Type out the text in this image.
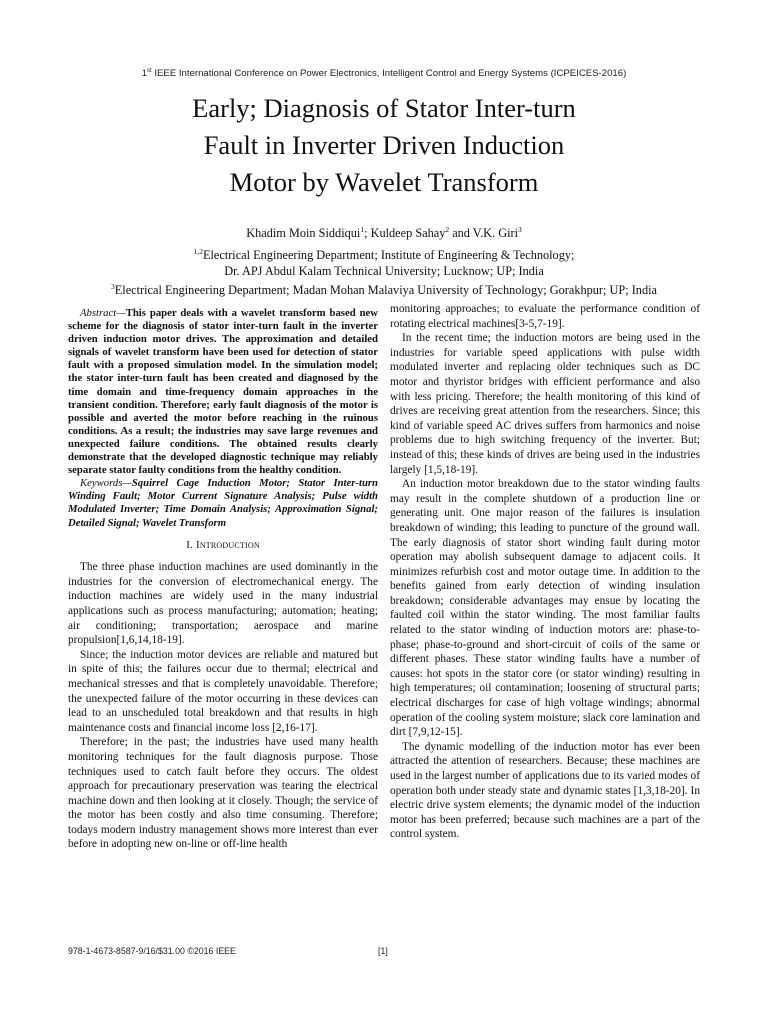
1st IEEE International Conference on Power Electronics, Intelligent Control and Energy Systems (ICPEICES-2016)
Early; Diagnosis of Stator Inter-turn
Fault in Inverter Driven Induction
Motor by Wavelet Transform
Khadim Moin Siddiqui$^1$; Kuldeep Sahay$^2$ and V.K. Giri$^3$
$^{1,2}$Electrical Engineering Department; Institute of Engineering & Technology;
Dr. APJ Abdul Kalam Technical University; Lucknow; UP; India
$^3$Electrical Engineering Department; Madan Mohan Malaviya University of Technology; Gorakhpur; UP; India

Abstract—This paper deals with a wavelet transform based new scheme for the diagnosis of stator inter-turn fault in the inverter driven induction motor drives. The approximation and detailed signals of wavelet transform have been used for detection of stator fault with a proposed simulation model. In the simulation model; the stator inter-turn fault has been created and diagnosed by the time domain and time-frequency domain approaches in the transient condition. Therefore; early fault diagnosis of the motor is possible and averted the motor before reaching in the ruinous conditions. As a result; the industries may save large revenues and unexpected failure conditions. The obtained results clearly demonstrate that the developed diagnostic technique may reliably separate stator faulty conditions from the healthy condition.

Keywords—Squirrel Cage Induction Motor; Stator Inter-turn Winding Fault; Motor Current Signature Analysis; Pulse width Modulated Inverter; Time Domain Analysis; Approximation Signal; Detailed Signal; Wavelet Transform

I. Introduction

The three phase induction machines are used dominantly in the industries for the conversion of electromechanical energy. The induction machines are widely used in the many industrial applications such as process manufacturing; automation; heating; air conditioning; transportation; aerospace and marine propulsion[1,6,14,18-19].

Since; the induction motor devices are reliable and matured but in spite of this; the failures occur due to thermal; electrical and mechanical stresses and that is completely unavoidable. Therefore; the unexpected failure of the motor occurring in these devices can lead to an unscheduled total breakdown and that results in high maintenance costs and financial income loss [2,16-17].

Therefore; in the past; the industries have used many health monitoring techniques for the fault diagnosis purpose. Those techniques used to catch fault before they occurs. The oldest approach for precautionary preservation was tearing the electrical machine down and then looking at it closely. Though; the service of the motor has been costly and also time consuming. Therefore; todays modern industry management shows more interest than ever before in adopting new on-line or off-line health

monitoring approaches; to evaluate the performance condition of rotating electrical machines[3-5,7-19].

In the recent time; the induction motors are being used in the industries for variable speed applications with pulse width modulated inverter and replacing older techniques such as DC motor and thyristor bridges with efficient performance and also with less pricing. Therefore; the health monitoring of this kind of drives are receiving great attention from the researchers. Since; this kind of variable speed AC drives suffers from harmonics and noise problems due to high switching frequency of the inverter. But; instead of this; these kinds of drives are being used in the industries largely [1,5,18-19].

An induction motor breakdown due to the stator winding faults may result in the complete shutdown of a production line or generating unit. One major reason of the failures is insulation breakdown of winding; this leading to puncture of the ground wall. The early diagnosis of stator short winding fault during motor operation may abolish subsequent damage to adjacent coils. It minimizes refurbish cost and motor outage time. In addition to the benefits gained from early detection of winding insulation breakdown; considerable advantages may ensue by locating the faulted coil within the stator winding. The most familiar faults related to the stator winding of induction motors are: phase-to-phase; phase-to-ground and short-circuit of coils of the same or different phases. These stator winding faults have a number of causes: hot spots in the stator core (or stator winding) resulting in high temperatures; oil contamination; loosening of structural parts; electrical discharges for case of high voltage windings; abnormal operation of the cooling system moisture; slack core lamination and dirt [7,9,12-15].

The dynamic modelling of the induction motor has ever been attracted the attention of researchers. Because; these machines are used in the largest number of applications due to its varied modes of operation both under steady state and dynamic states [1,3,18-20]. In electric drive system elements; the dynamic model of the induction motor has been preferred; because such machines are a part of the control system.

978-1-4673-8587-9/16/$31.00 ©2016 IEEE	[1]
